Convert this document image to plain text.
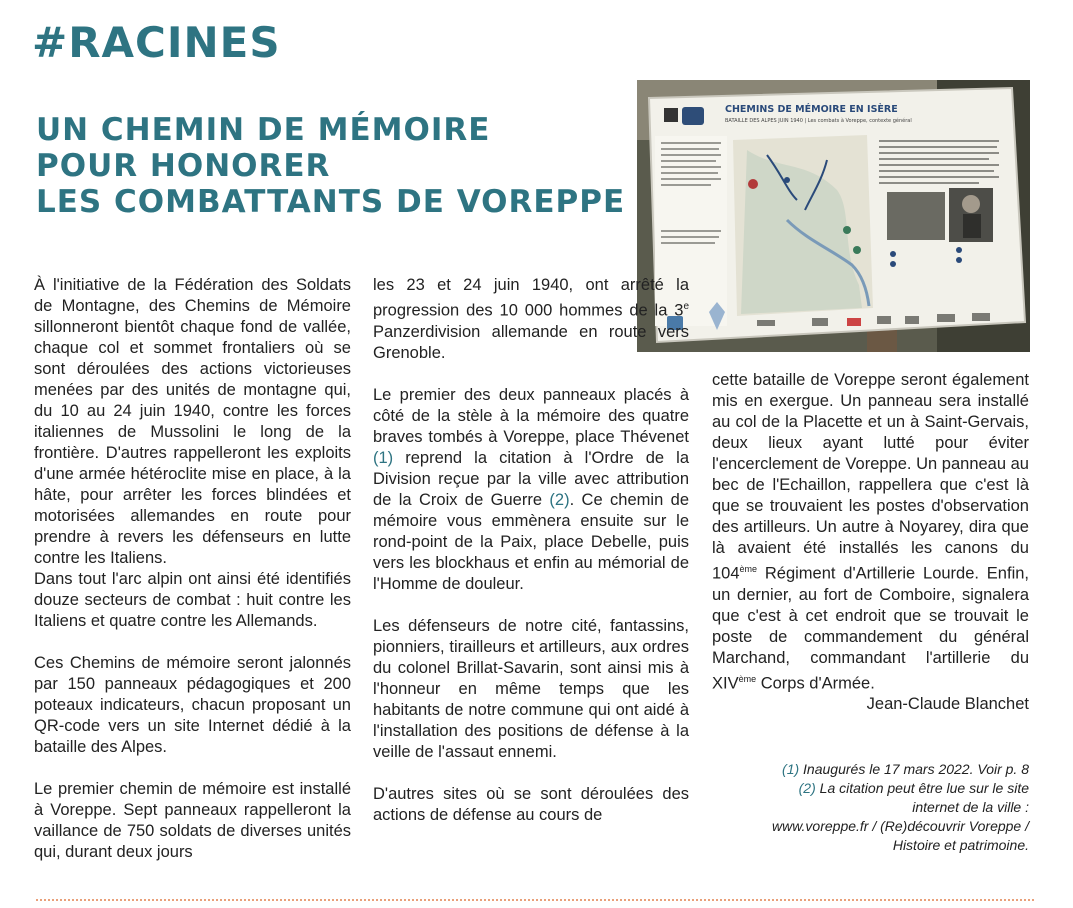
#RACINES
UN CHEMIN DE MÉMOIRE
POUR HONORER
LES COMBATTANTS DE VOREPPE
CHEMINS DE MÉMOIRE EN ISÈRE
BATAILLE DES ALPES JUIN 1940 | Les combats à Voreppe, contexte général

À l'initiative de la Fédération des Soldats de Montagne, des Chemins de Mémoire sillonneront bientôt chaque fond de vallée, chaque col et sommet frontaliers où se sont déroulées des actions victorieuses menées par des unités de montagne qui, du 10 au 24 juin 1940, contre les forces italiennes de Mussolini le long de la frontière. D'autres rappelleront les exploits d'une armée hétéroclite mise en place, à la hâte, pour arrêter les forces blindées et motorisées allemandes en route pour prendre à revers les défenseurs en lutte contre les Italiens.

Dans tout l'arc alpin ont ainsi été identifiés douze secteurs de combat : huit contre les Italiens et quatre contre les Allemands.

Ces Chemins de mémoire seront jalonnés par 150 panneaux pédagogiques et 200 poteaux indicateurs, chacun proposant un QR-code vers un site Internet dédié à la bataille des Alpes.

Le premier chemin de mémoire est installé à Voreppe. Sept panneaux rappelleront la vaillance de 750 soldats de diverses unités qui, durant deux jours

les 23 et 24 juin 1940, ont arrêté la progression des 10 000 hommes de la 3e Panzerdivision allemande en route vers Grenoble.

Le premier des deux panneaux placés à côté de la stèle à la mémoire des quatre braves tombés à Voreppe, place Thévenet (1) reprend la citation à l'Ordre de la Division reçue par la ville avec attribution de la Croix de Guerre (2). Ce chemin de mémoire vous emmènera ensuite sur le rond-point de la Paix, place Debelle, puis vers les blockhaus et enfin au mémorial de l'Homme de douleur.

Les défenseurs de notre cité, fantassins, pionniers, tirailleurs et artilleurs, aux ordres du colonel Brillat-Savarin, sont ainsi mis à l'honneur en même temps que les habitants de notre commune qui ont aidé à l'installation des positions de défense à la veille de l'assaut ennemi.

D'autres sites où se sont déroulées des actions de défense au cours de

cette bataille de Voreppe seront également mis en exergue. Un panneau sera installé au col de la Placette et un à Saint-Gervais, deux lieux ayant lutté pour éviter l'encerclement de Voreppe. Un panneau au bec de l'Echaillon, rappellera que c'est là que se trouvaient les postes d'observation des artilleurs. Un autre à Noyarey, dira que là avaient été installés les canons du 104ème Régiment d'Artillerie Lourde. Enfin, un dernier, au fort de Comboire, signalera que c'est à cet endroit que se trouvait le poste de commandement du général Marchand, commandant l'artillerie du XIVème Corps d'Armée.

Jean-Claude Blanchet

(1) Inaugurés le 17 mars 2022. Voir p. 8
(2) La citation peut être lue sur le site
internet de la ville :
www.voreppe.fr / (Re)découvrir Voreppe /
Histoire et patrimoine.
